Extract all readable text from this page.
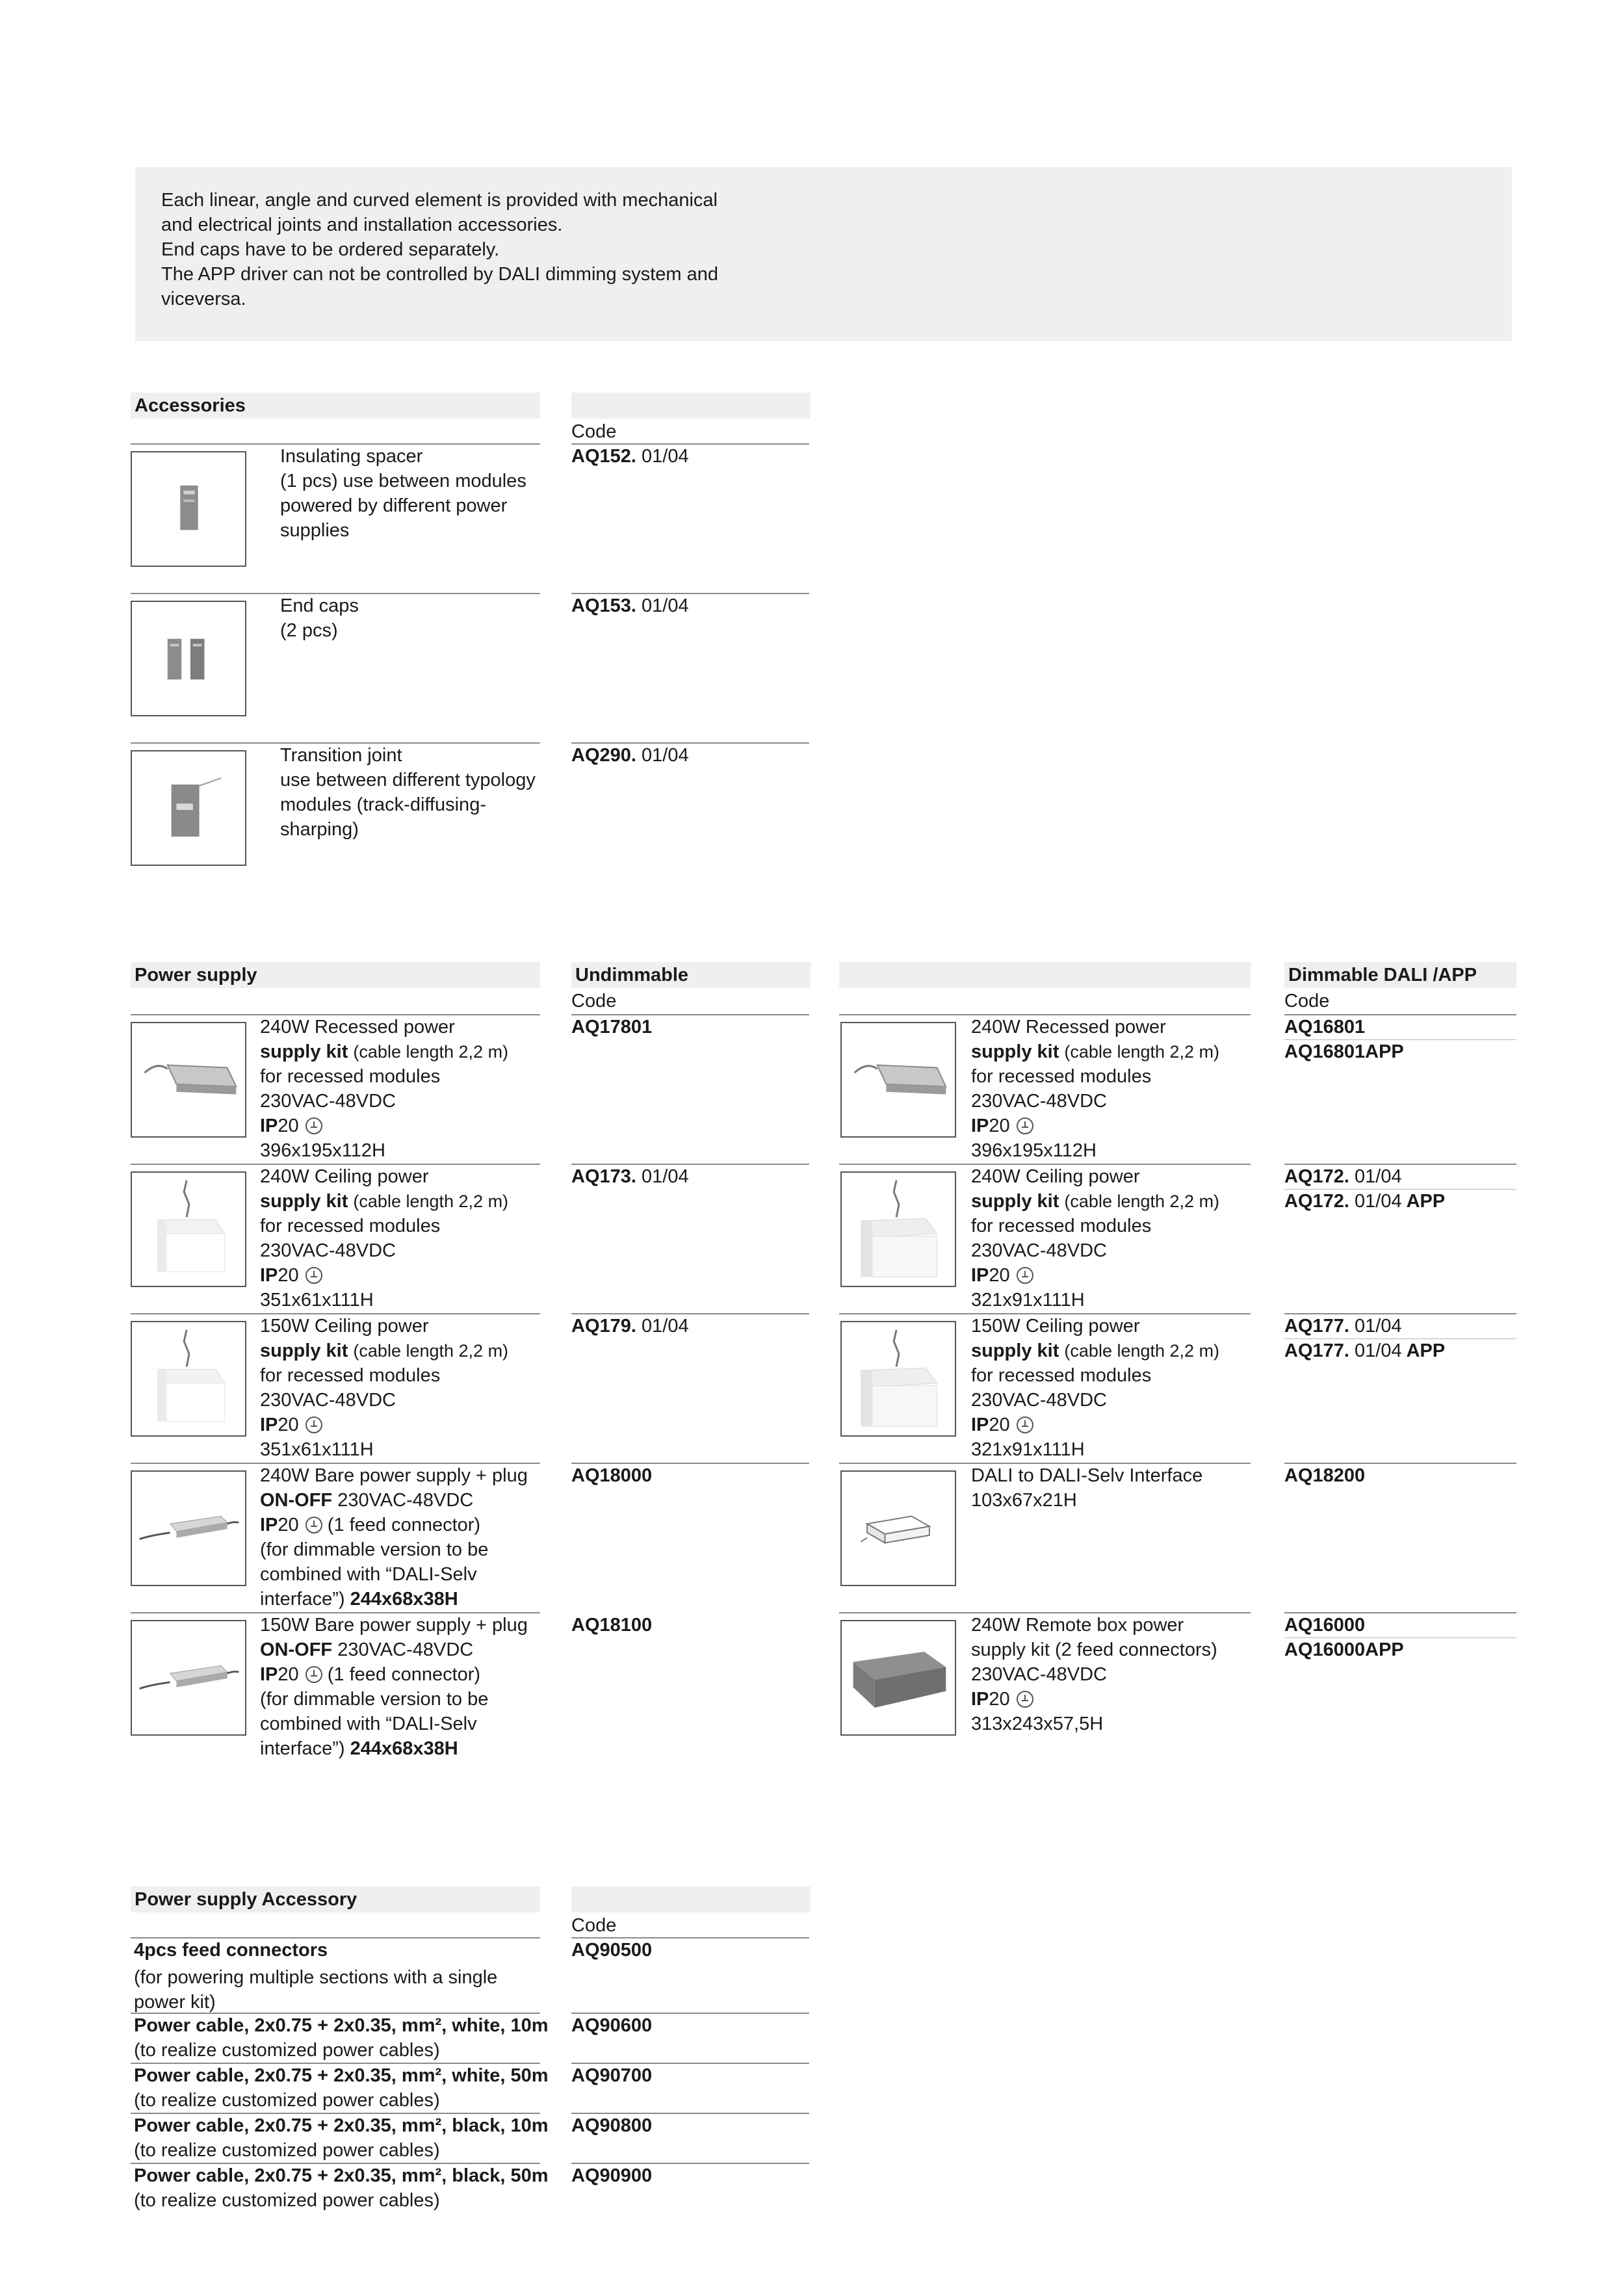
Each linear, angle and curved element is provided with mechanical
and electrical joints and installation accessories.
End caps have to be ordered separately.
The APP driver can not be controlled by DALI dimming system and
viceversa.
Accessories
Code
Insulating spacer
(1 pcs) use between modules
powered by different power
supplies
AQ152. 01/04
End caps
(2 pcs)
AQ153. 01/04
Transition joint
use between different typology
modules (track-diffusing-
sharping)
AQ290. 01/04
Power supply	Undimmable	Dimmable DALI /APP
Code	Code
240W Recessed power
supply kit (cable length 2,2 m)
for recessed modules
230VAC-48VDC
IP20
396x195x112H
AQ17801
240W Ceiling power
supply kit (cable length 2,2 m)
for recessed modules
230VAC-48VDC
IP20
351x61x111H
AQ173. 01/04
150W Ceiling power
supply kit (cable length 2,2 m)
for recessed modules
230VAC-48VDC
IP20
351x61x111H
AQ179. 01/04
240W Bare power supply + plug
ON-OFF 230VAC-48VDC
IP20 (1 feed connector)
(for dimmable version to be
combined with “DALI-Selv
interface”) 244x68x38H
AQ18000
150W Bare power supply + plug
ON-OFF 230VAC-48VDC
IP20 (1 feed connector)
(for dimmable version to be
combined with “DALI-Selv
interface”) 244x68x38H
AQ18100
240W Recessed power
supply kit (cable length 2,2 m)
for recessed modules
230VAC-48VDC
IP20
396x195x112H
AQ16801
AQ16801APP
240W Ceiling power
supply kit (cable length 2,2 m)
for recessed modules
230VAC-48VDC
IP20
321x91x111H
AQ172. 01/04
AQ172. 01/04 APP
150W Ceiling power
supply kit (cable length 2,2 m)
for recessed modules
230VAC-48VDC
IP20
321x91x111H
AQ177. 01/04
AQ177. 01/04 APP
DALI to DALI-Selv Interface
103x67x21H
AQ18200
240W Remote box power
supply kit (2 feed connectors)
230VAC-48VDC
IP20
313x243x57,5H
AQ16000
AQ16000APP
Power supply Accessory
Code
4pcs feed connectors
(for powering multiple sections with a single
power kit)
AQ90500
Power cable, 2x0.75 + 2x0.35, mm², white, 10m
(to realize customized power cables)
AQ90600
Power cable, 2x0.75 + 2x0.35, mm², white, 50m
(to realize customized power cables)
AQ90700
Power cable, 2x0.75 + 2x0.35, mm², black, 10m
(to realize customized power cables)
AQ90800
Power cable, 2x0.75 + 2x0.35, mm², black, 50m
(to realize customized power cables)
AQ90900
